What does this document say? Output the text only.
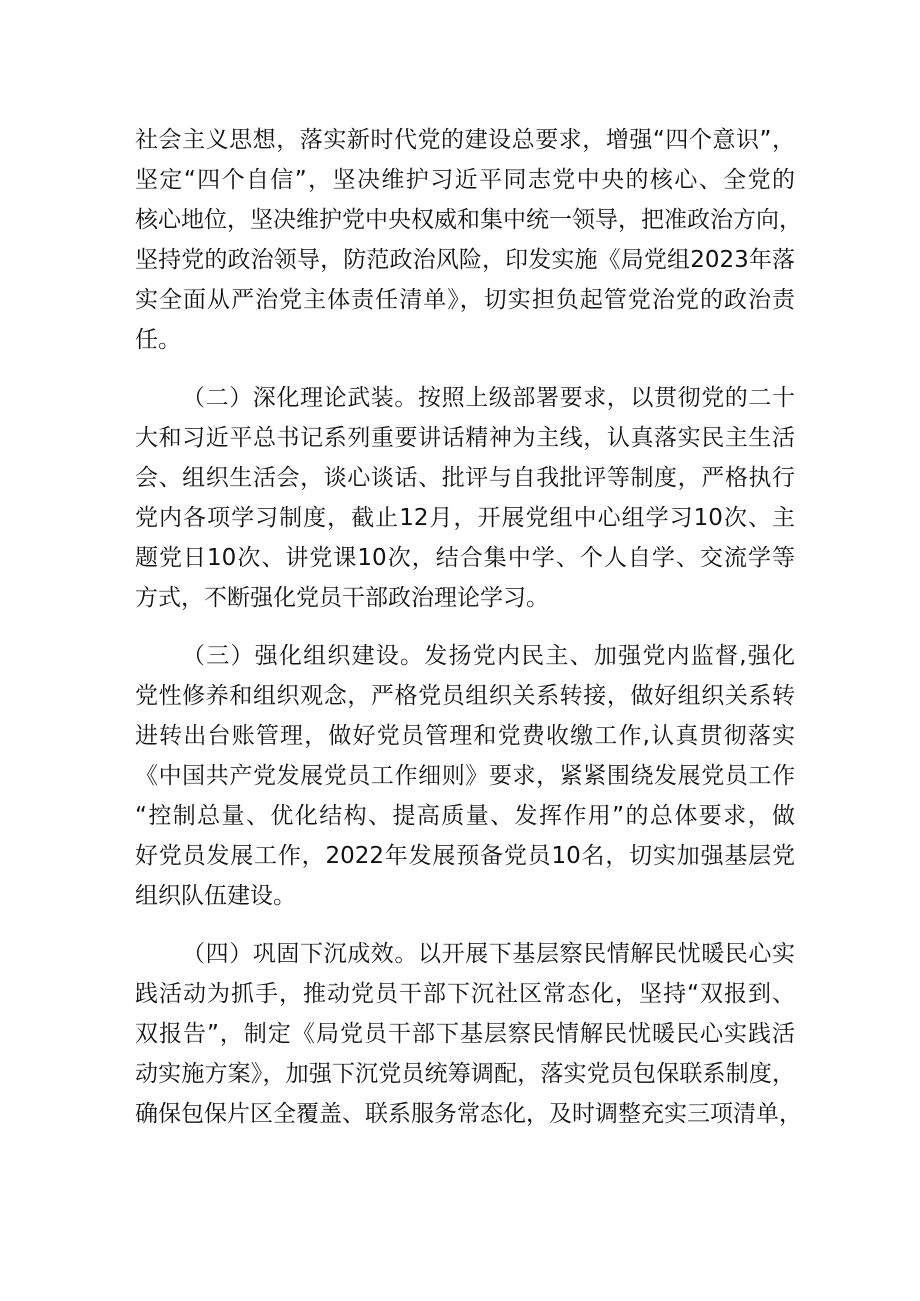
社会主义思想，落实新时代党的建设总要求，增强“四个意识”，
坚定“四个自信”，坚决维护习近平同志党中央的核心、全党的
核心地位，坚决维护党中央权威和集中统一领导，把准政治方向，
坚持党的政治领导，防范政治风险，印发实施《局党组2023年落
实全面从严治党主体责任清单》，切实担负起管党治党的政治责
任。
（二）深化理论武装。按照上级部署要求，以贯彻党的二十
大和习近平总书记系列重要讲话精神为主线，认真落实民主生活
会、组织生活会，谈心谈话、批评与自我批评等制度，严格执行
党内各项学习制度，截止12月，开展党组中心组学习10次、主
题党日10次、讲党课10次，结合集中学、个人自学、交流学等
方式，不断强化党员干部政治理论学习。
（三）强化组织建设。发扬党内民主、加强党内监督,强化
党性修养和组织观念，严格党员组织关系转接，做好组织关系转
进转出台账管理，做好党员管理和党费收缴工作,认真贯彻落实
《中国共产党发展党员工作细则》要求，紧紧围绕发展党员工作
“控制总量、优化结构、提高质量、发挥作用”的总体要求，做
好党员发展工作，2022年发展预备党员10名，切实加强基层党
组织队伍建设。
（四）巩固下沉成效。以开展下基层察民情解民忧暖民心实
践活动为抓手，推动党员干部下沉社区常态化，坚持“双报到、
双报告”，制定《局党员干部下基层察民情解民忧暖民心实践活
动实施方案》，加强下沉党员统筹调配，落实党员包保联系制度，
确保包保片区全覆盖、联系服务常态化，及时调整充实三项清单，
